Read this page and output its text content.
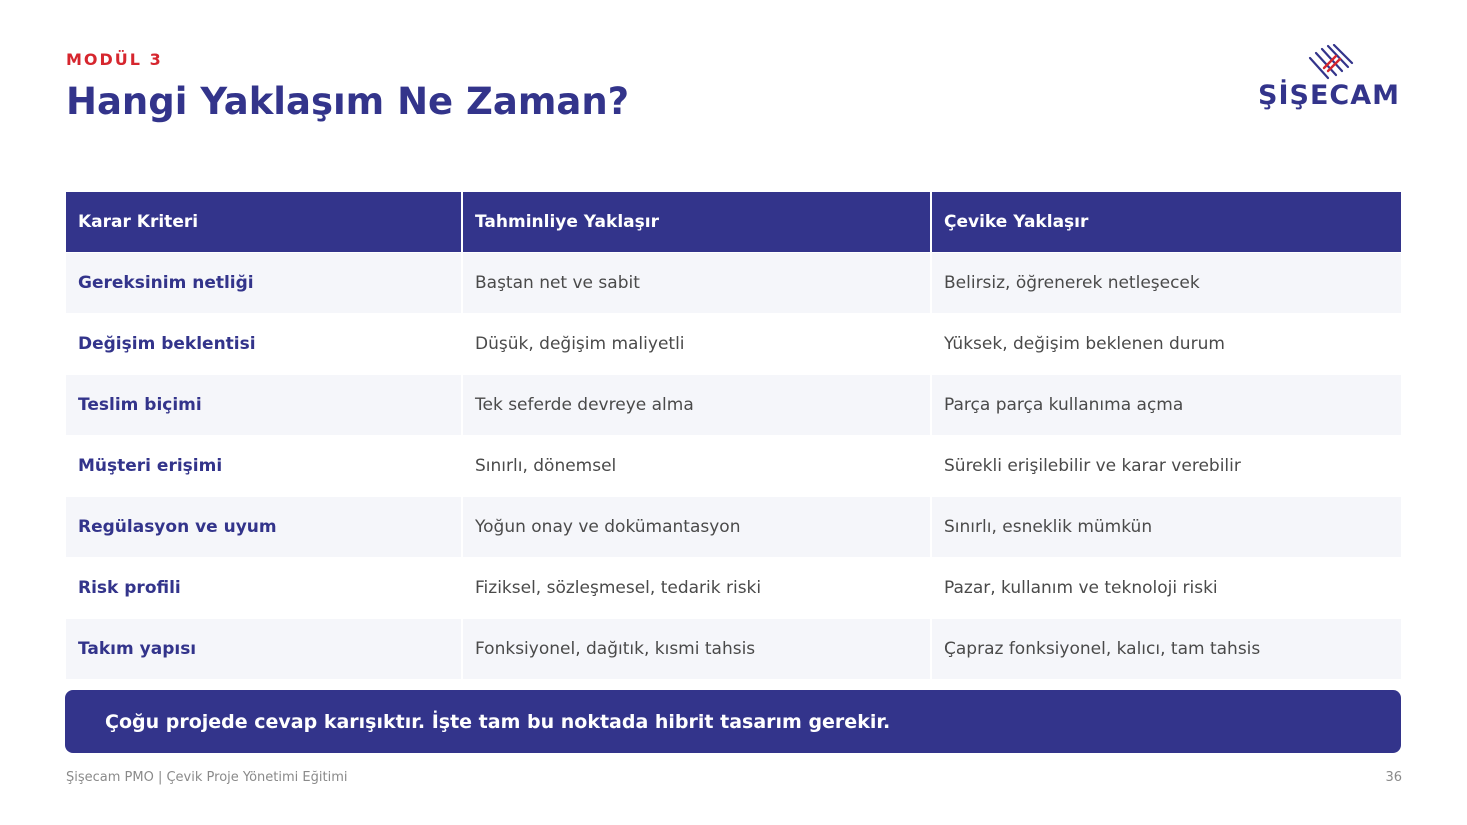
MODÜL 3
Hangi Yaklaşım Ne Zaman?	ŞİŞECAM
Karar Kriteri	Tahminliye Yaklaşır	Çevike Yaklaşır
Gereksinim netliği	Baştan net ve sabit	Belirsiz, öğrenerek netleşecek
Değişim beklentisi	Düşük, değişim maliyetli	Yüksek, değişim beklenen durum
Teslim biçimi	Tek seferde devreye alma	Parça parça kullanıma açma
Müşteri erişimi	Sınırlı, dönemsel	Sürekli erişilebilir ve karar verebilir
Regülasyon ve uyum	Yoğun onay ve dokümantasyon	Sınırlı, esneklik mümkün
Risk profili	Fiziksel, sözleşmesel, tedarik riski	Pazar, kullanım ve teknoloji riski
Takım yapısı	Fonksiyonel, dağıtık, kısmi tahsis	Çapraz fonksiyonel, kalıcı, tam tahsis
Çoğu projede cevap karışıktır. İşte tam bu noktada hibrit tasarım gerekir.
Şişecam PMO | Çevik Proje Yönetimi Eğitimi	36
